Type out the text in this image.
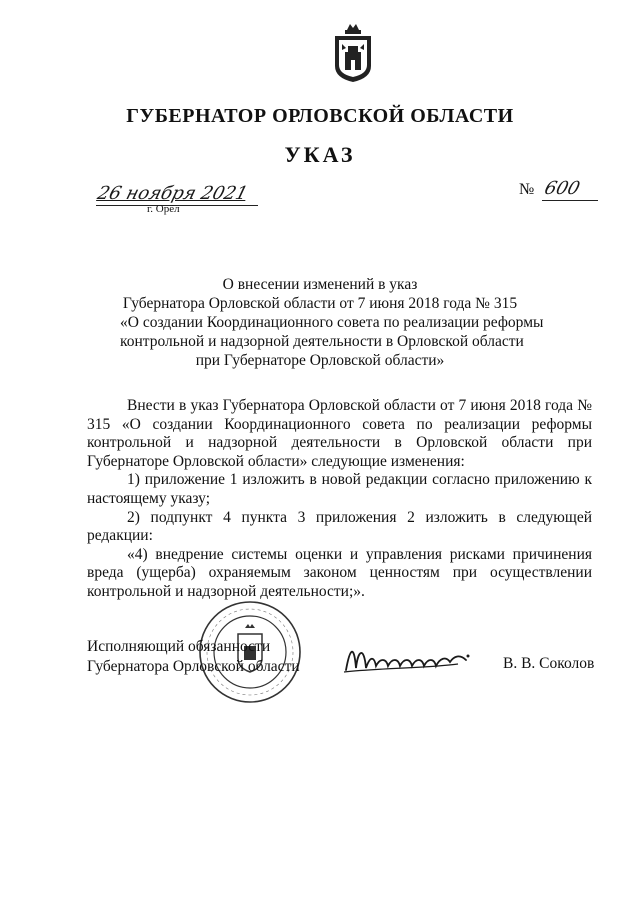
ГУБЕРНАТОР ОРЛОВСКОЙ ОБЛАСТИ
УКАЗ
26 ноября 2021
г. Орёл
№ 600
О внесении изменений в указ
Губернатора Орловской области от 7 июня 2018 года № 315
«О создании Координационного совета по реализации реформы
контрольной и надзорной деятельности в Орловской области
при Губернаторе Орловской области»

Внести в указ Губернатора Орловской области от 7 июня 2018 года № 315 «О создании Координационного совета по реализации реформы контрольной и надзорной деятельности в Орловской области при Губернаторе Орловской области» следующие изменения:

1) приложение 1 изложить в новой редакции согласно приложению к настоящему указу;

2) подпункт 4 пункта 3 приложения 2 изложить в следующей редакции:

«4) внедрение системы оценки и управления рисками причинения вреда (ущерба) охраняемым законом ценностям при осуществлении контрольной и надзорной деятельности;».

Исполняющий обязанности
Губернатора Орловской области	В. В. Соколов
